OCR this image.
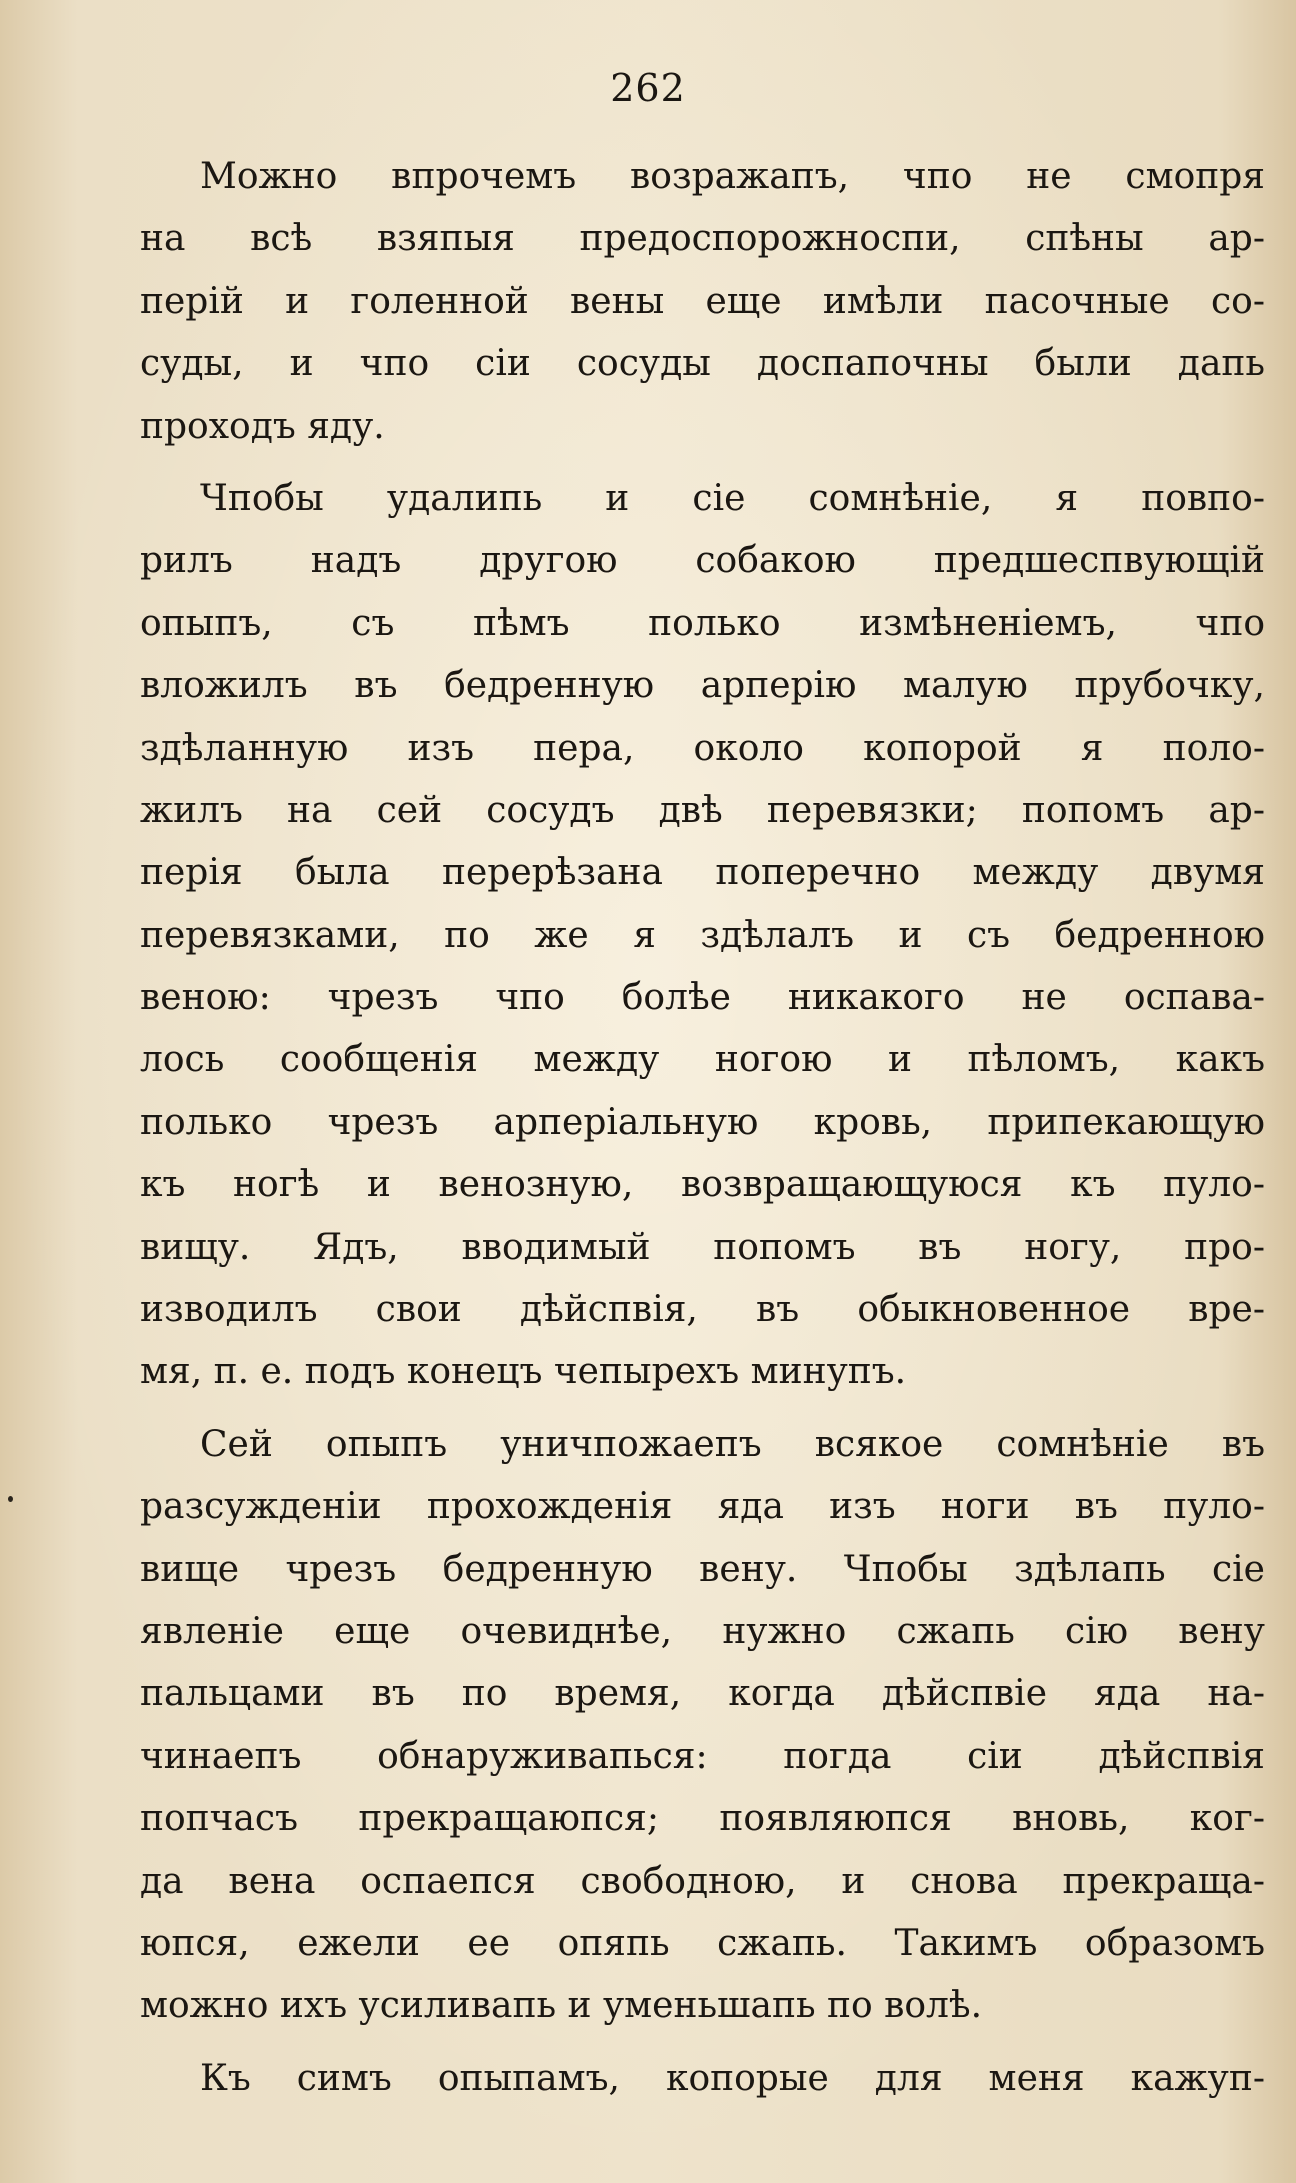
262
Можно впрочемъ возражапъ, чпо не смопря
на всѣ взяпыя предоспорожноспи, спѣны ар-
перій и голенной вены еще имѣли пасочные со-
суды, и чпо сіи сосуды доспапочны были дапь
проходъ яду.
Чпобы удалипь и сіе сомнѣніе, я повпо-
рилъ надъ другою собакою предшеспвующій
опыпъ, съ пѣмъ полько измѣненіемъ, чпо
вложилъ въ бедренную арперію малую прубочку,
здѣланную изъ пера, около копорой я поло-
жилъ на сей сосудъ двѣ перевязки; попомъ ар-
перія была перерѣзана поперечно между двумя
перевязками, по же я здѣлалъ и съ бедренною
веною: чрезъ чпо болѣе никакого не оспава-
лось сообщенія между ногою и пѣломъ, какъ
полько чрезъ арперіальную кровь, припекающую
къ ногѣ и венозную, возвращающуюся къ пуло-
вищу. Ядъ, вводимый попомъ въ ногу, про-
изводилъ свои дѣйспвія, въ обыкновенное вре-
мя, п. е. подъ конецъ чепырехъ минупъ.
Сей опыпъ уничпожаепъ всякое сомнѣніе въ
разсужденіи прохожденія яда изъ ноги въ пуло-
вище чрезъ бедренную вену. Чпобы здѣлапь сіе
явленіе еще очевиднѣе, нужно сжапь сію вену
пальцами въ по время, когда дѣйспвіе яда на-
чинаепъ обнаруживапься: погда сіи дѣйспвія
попчасъ прекращаюпся; появляюпся вновь, ког-
да вена оспаепся свободною, и снова прекраща-
юпся, ежели ее опяпь сжапь. Такимъ образомъ
можно ихъ усиливапь и уменьшапь по волѣ.
Къ симъ опыпамъ, копорые для меня кажуп-
